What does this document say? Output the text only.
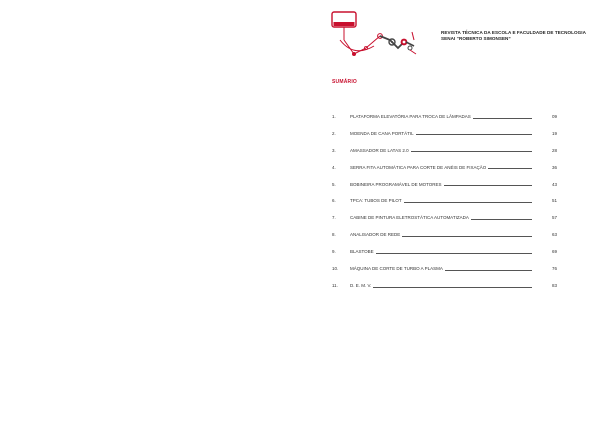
REVISTA TÉCNICA DA ESCOLA E FACULDADE DE TECNOLOGIA
SENAI “ROBERTO SIMONSEN”
SUMÁRIO
1.	PLATAFORMA ELEVATÓRIA PARA TROCA DE LÂMPADAS	09
2.	MOENDA DE CANA PORTÁTIL	19
3.	AMASSADOR DE LATAS 2.0	28
4.	SERRA FITA AUTOMÁTICA PARA CORTE DE ANÉIS DE FIXAÇÃO	36
5.	BOBINEIRA PROGRAMÁVEL DE MOTORES	43
6.	TPCA: TUBOS DE PILOT	51
7.	CABINE DE PINTURA ELETROSTÁTICA AUTOMATIZADA	57
8.	ANALISADOR DE REDE	63
9.	BLASTOBE	69
10.	MÁQUINA DE CORTE DE TURBO A PLASMA	76
11.	D. E. M. V.	83
